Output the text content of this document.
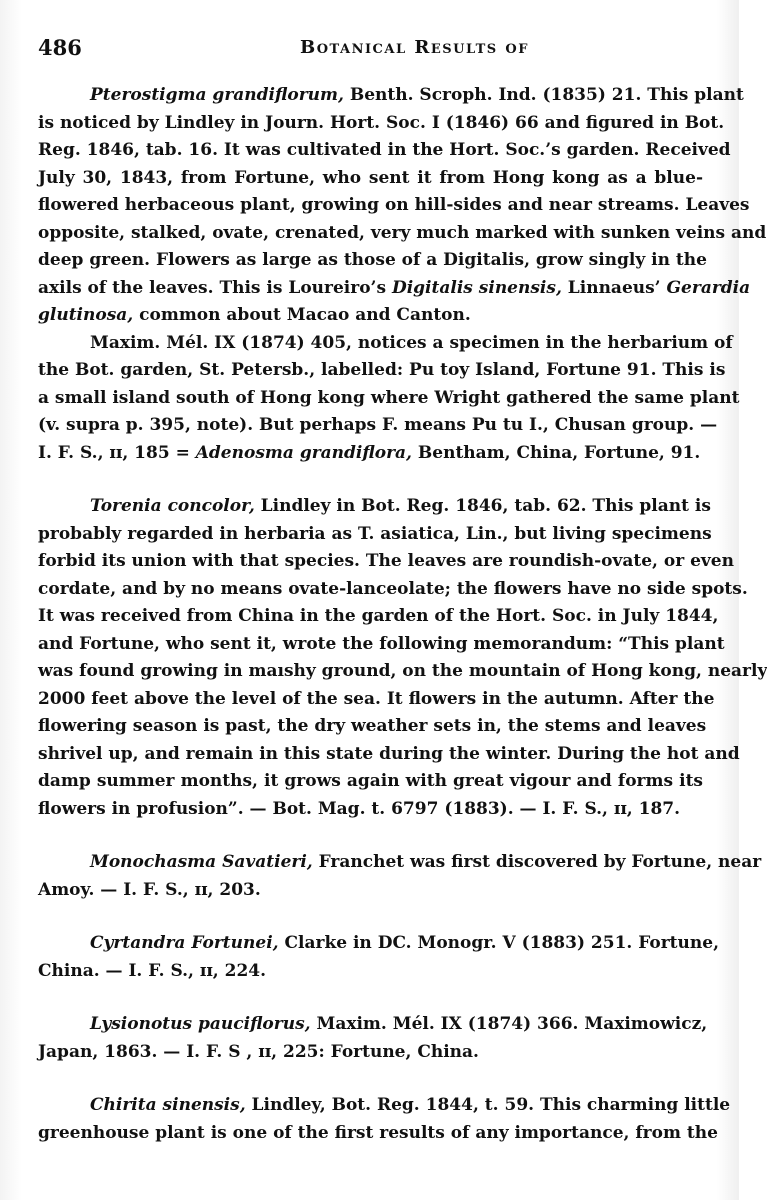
486	Botanical Results of
Pterostigma grandiflorum, Benth. Scroph. Ind. (1835) 21. This plant
is noticed by Lindley in Journ. Hort. Soc. I (1846) 66 and figured in Bot.
Reg. 1846, tab. 16. It was cultivated in the Hort. Soc.’s garden. Received
July 30, 1843, from Fortune, who sent it from Hong kong as a blue-
flowered herbaceous plant, growing on hill-sides and near streams. Leaves
opposite, stalked, ovate, crenated, very much marked with sunken veins and
deep green. Flowers as large as those of a Digitalis, grow singly in the
axils of the leaves. This is Loureiro’s Digitalis sinensis, Linnaeus’ Gerardia
glutinosa, common about Macao and Canton.
Maxim. Mél. IX (1874) 405, notices a specimen in the herbarium of
the Bot. garden, St. Petersb., labelled: Pu toy Island, Fortune 91. This is
a small island south of Hong kong where Wright gathered the same plant
(v. supra p. 395, note). But perhaps F. means Pu tu I., Chusan group. —
I. F. S., ɪɪ, 185 = Adenosma grandiflora, Bentham, China, Fortune, 91.
Torenia concolor, Lindley in Bot. Reg. 1846, tab. 62. This plant is
probably regarded in herbaria as T. asiatica, Lin., but living specimens
forbid its union with that species. The leaves are roundish-ovate, or even
cordate, and by no means ovate-lanceolate; the flowers have no side spots.
It was received from China in the garden of the Hort. Soc. in July 1844,
and Fortune, who sent it, wrote the following memorandum: “This plant
was found growing in maıshy ground, on the mountain of Hong kong, nearly
2000 feet above the level of the sea. It flowers in the autumn. After the
flowering season is past, the dry weather sets in, the stems and leaves
shrivel up, and remain in this state during the winter. During the hot and
damp summer months, it grows again with great vigour and forms its
flowers in profusion”. — Bot. Mag. t. 6797 (1883). — I. F. S., ɪɪ, 187.
Monochasma Savatieri, Franchet was first discovered by Fortune, near
Amoy. — I. F. S., ɪɪ, 203.
Cyrtandra Fortunei, Clarke in DC. Monogr. V (1883) 251. Fortune,
China. — I. F. S., ɪɪ, 224.
Lysionotus pauciflorus, Maxim. Mél. IX (1874) 366. Maximowicz,
Japan, 1863. — I. F. S , ɪɪ, 225: Fortune, China.
Chirita sinensis, Lindley, Bot. Reg. 1844, t. 59. This charming little
greenhouse plant is one of the first results of any importance, from the
